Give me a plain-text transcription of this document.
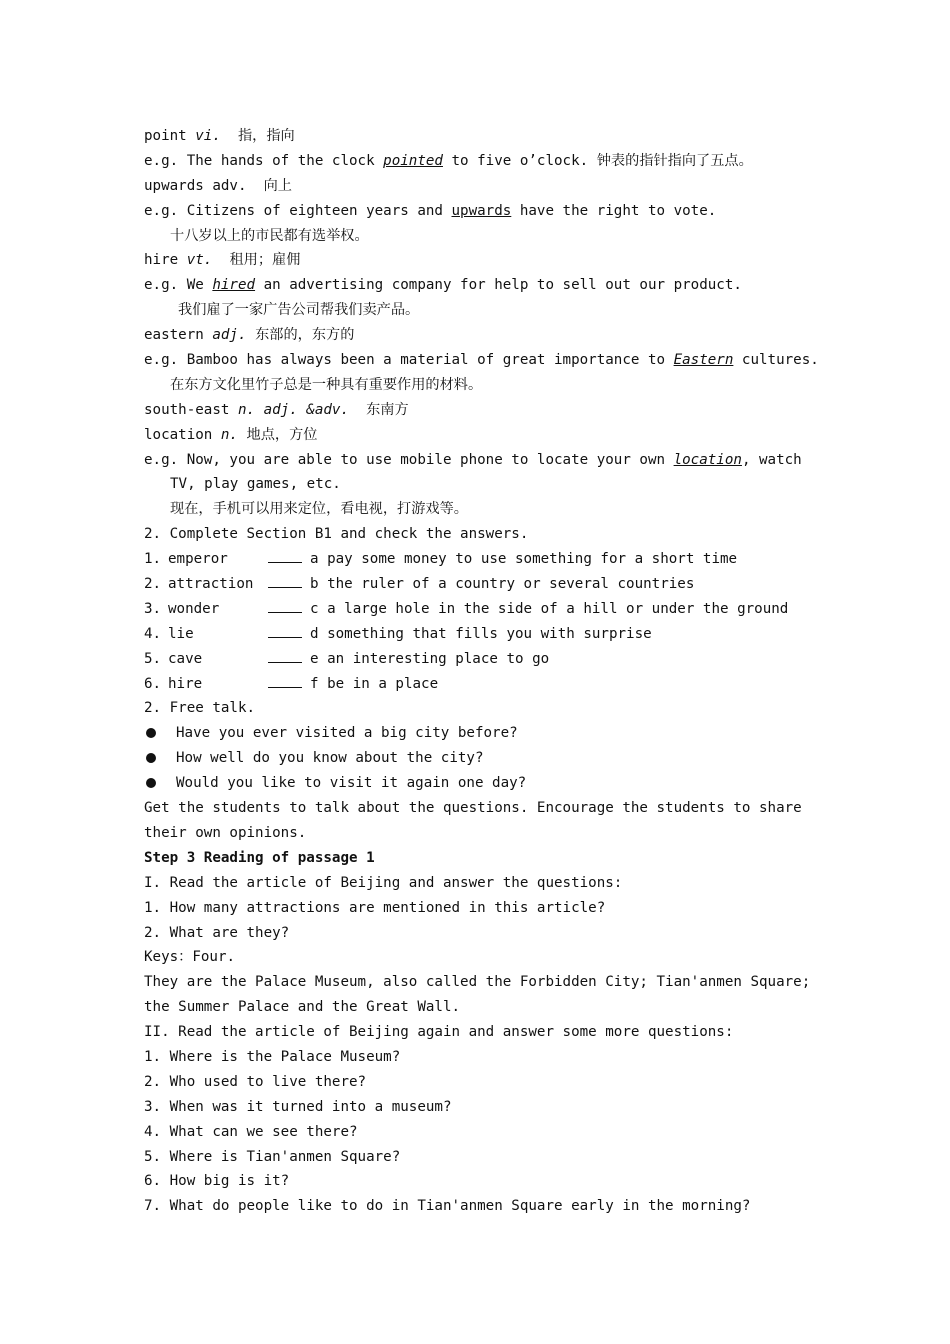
point vi. 指，指向
e.g. The hands of the clock pointed to five o’clock. 钟表的指针指向了五点。
upwards adv. 向上
e.g. Citizens of eighteen years and upwards have the right to vote.
十八岁以上的市民都有选举权。
hire vt. 租用；雇佣
e.g. We hired an advertising company for help to sell out our product.
我们雇了一家广告公司帮我们卖产品。
eastern adj. 东部的，东方的
e.g. Bamboo has always been a material of great importance to Eastern cultures.
在东方文化里竹子总是一种具有重要作用的材料。
south-east n. adj. &adv. 东南方
location n. 地点，方位
e.g. Now, you are able to use mobile phone to locate your own location, watch
TV, play games, etc.
现在，手机可以用来定位，看电视，打游戏等。
2. Complete Section B1 and check the answers.
1. emperor	a pay some money to use something for a short time
2. attraction	b the ruler of a country or several countries
3. wonder	c a large hole in the side of a hill or under the ground
4. lie	d something that fills you with surprise
5. cave	e an interesting place to go
6. hire	f be in a place
2. Free talk.
Have you ever visited a big city before?
How well do you know about the city?
Would you like to visit it again one day?
Get the students to talk about the questions. Encourage the students to share
their own opinions.
Step 3 Reading of passage 1
I. Read the article of Beijing and answer the questions:
1. How many attractions are mentioned in this article?
2. What are they?
Keys：Four.
They are the Palace Museum, also called the Forbidden City; Tian'anmen Square;
the Summer Palace and the Great Wall.
II. Read the article of Beijing again and answer some more questions:
1. Where is the Palace Museum?
2. Who used to live there?
3. When was it turned into a museum?
4. What can we see there?
5. Where is Tian'anmen Square?
6. How big is it?
7. What do people like to do in Tian'anmen Square early in the morning?
